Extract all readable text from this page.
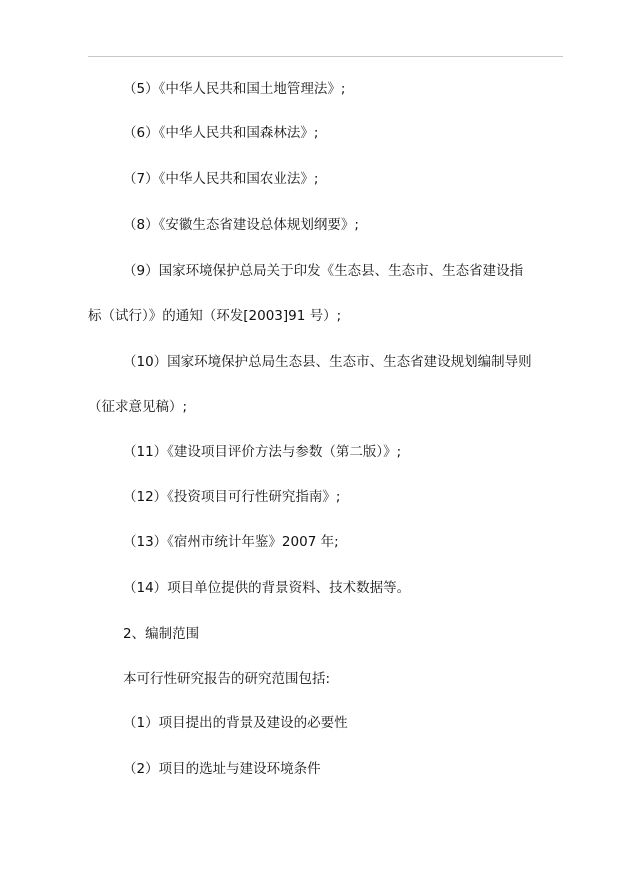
（5）《中华人民共和国土地管理法》;

（6）《中华人民共和国森林法》;

（7）《中华人民共和国农业法》;

（8）《安徽生态省建设总体规划纲要》;

（9）国家环境保护总局关于印发《生态县、生态市、生态省建设指

标（试行）》的通知（环发[2003]91 号）;

（10）国家环境保护总局生态县、生态市、生态省建设规划编制导则

（征求意见稿）;

（11）《建设项目评价方法与参数（第二版）》;

（12）《投资项目可行性研究指南》;

（13）《宿州市统计年鉴》2007 年;

（14）项目单位提供的背景资料、技术数据等。

2、编制范围

本可行性研究报告的研究范围包括:

（1）项目提出的背景及建设的必要性

（2）项目的选址与建设环境条件
